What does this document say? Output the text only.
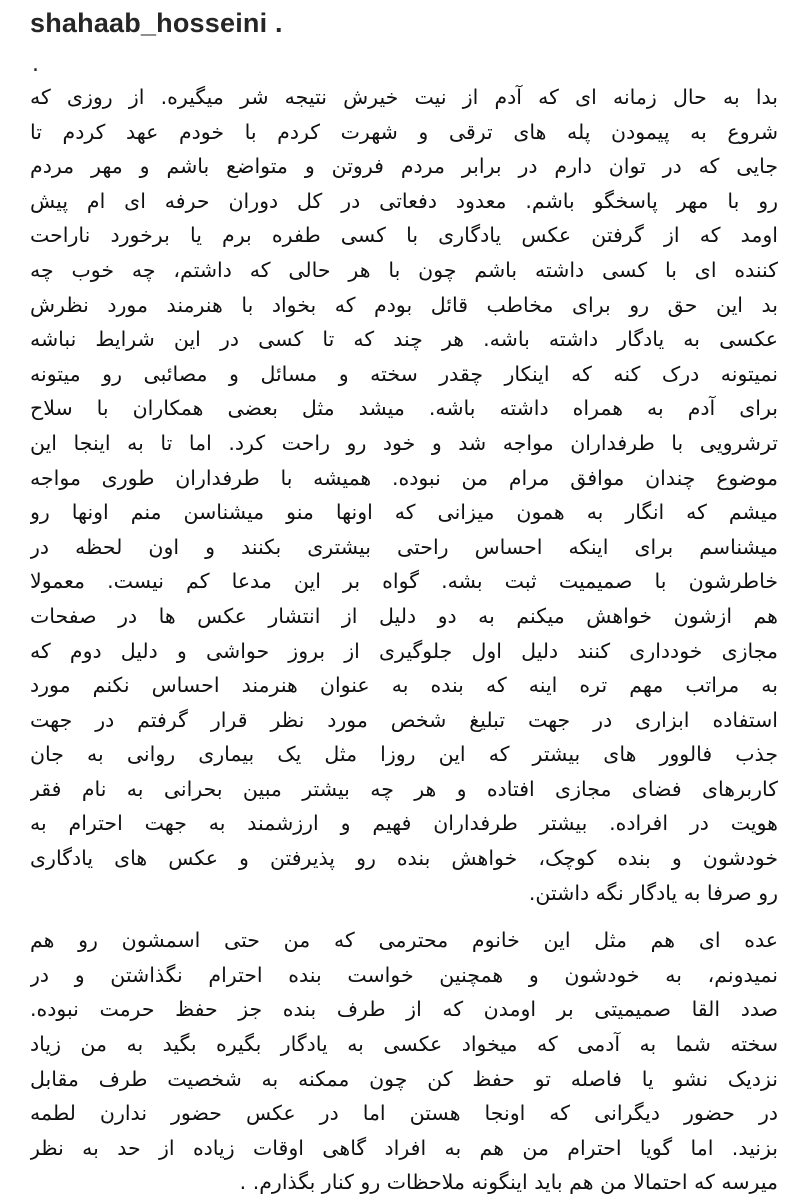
shahaab_hosseini .
.
بدا به حال زمانه ای که آدم از نیت خیرش نتیجه شر میگیره. از روزی که
شروع به پیمودن پله های ترقی و شهرت کردم با خودم عهد کردم تا
جایی که در توان دارم در برابر مردم فروتن و متواضع باشم و مهر مردم
رو با مهر پاسخگو باشم. معدود دفعاتی در کل دوران حرفه ای ام پیش
اومد که از گرفتن عکس یادگاری با کسی طفره برم یا برخورد ناراحت
کننده ای با کسی داشته باشم چون با هر حالی که داشتم، چه خوب چه
بد این حق رو برای مخاطب قائل بودم که بخواد با هنرمند مورد نظرش
عکسی به یادگار داشته باشه. هر چند که تا کسی در این شرایط نباشه
نمیتونه درک کنه که اینکار چقدر سخته و مسائل و مصائبی رو میتونه
برای آدم به همراه داشته باشه. میشد مثل بعضی همکاران با سلاح
ترشرویی با طرفداران مواجه شد و خود رو راحت کرد. اما تا به اینجا این
موضوع چندان موافق مرام من نبوده. همیشه با طرفداران طوری مواجه
میشم که انگار به همون میزانی که اونها منو میشناسن منم اونها رو
میشناسم برای اینکه احساس راحتی بیشتری بکنند و اون لحظه در
خاطرشون با صمیمیت ثبت بشه. گواه بر این مدعا کم نیست. معمولا
هم ازشون خواهش میکنم به دو دلیل از انتشار عکس ها در صفحات
مجازی خودداری کنند دلیل اول جلوگیری از بروز حواشی و دلیل دوم که
به مراتب مهم تره اینه که بنده به عنوان هنرمند احساس نکنم مورد
استفاده ابزاری در جهت تبلیغ شخص مورد نظر قرار گرفتم در جهت
جذب فالوور های بیشتر که این روزا مثل یک بیماری روانی به جان
کاربرهای فضای مجازی افتاده و هر چه بیشتر مبین بحرانی به نام فقر
هویت در افراده. بیشتر طرفداران فهیم و ارزشمند به جهت احترام به
خودشون و بنده کوچک، خواهش بنده رو پذیرفتن و عکس های یادگاری
رو صرفا به یادگار نگه داشتن.
عده ای هم مثل این خانوم محترمی که من حتی اسمشون رو هم
نمیدونم، به خودشون و همچنین خواست بنده احترام نگذاشتن و در
صدد القا صمیمیتی بر اومدن که از طرف بنده جز حفظ حرمت نبوده.
سخته شما به آدمی که میخواد عکسی به یادگار بگیره بگید به من زیاد
نزدیک نشو یا فاصله تو حفظ کن چون ممکنه به شخصیت طرف مقابل
در حضور دیگرانی که اونجا هستن اما در عکس حضور ندارن لطمه
بزنید. اما گویا احترام من هم به افراد گاهی اوقات زیاده از حد به نظر
میرسه که احتمالا من هم باید اینگونه ملاحظات رو کنار بگذارم. .
